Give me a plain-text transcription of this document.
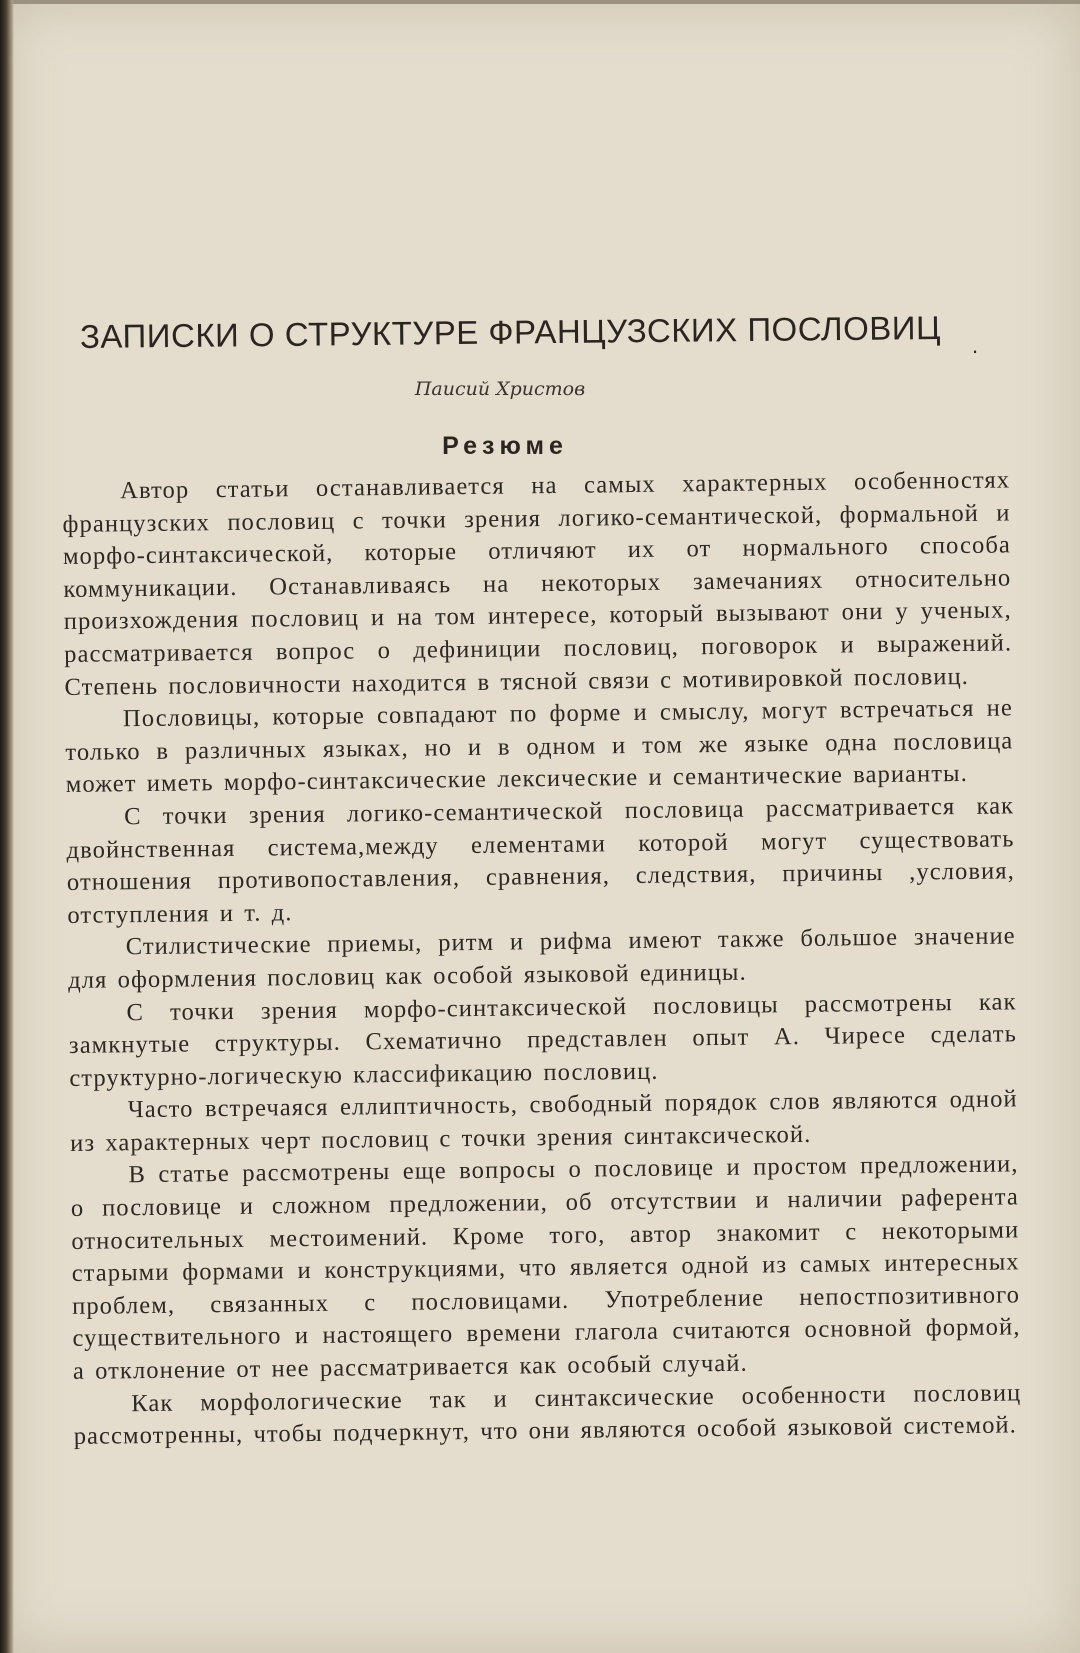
ЗАПИСКИ О СТРУКТУРЕ ФРАНЦУЗСКИХ ПОСЛОВИЦ	.

Паисий Христов

Резюме

Автор статьи останавливается на самых характерных особенностях французских пословиц с точки зрения логико-семантической, формальной и морфо-синтаксической, которые отличяют их от нормального способа коммуникации. Останавливаясь на некоторых замечаниях относительно произхождения пословиц и на том интересе, который вызывают они у ученых, рассматривается вопрос о дефиниции пословиц, поговорок и выражений. Степень пословичности находится в тясной связи с мотивировкой пословиц.

Пословицы, которые совпадают по форме и смыслу, могут встречаться не только в различных языках, но и в одном и том же языке одна пословица может иметь морфо-синтаксические лексические и семантические варианты.

С точки зрения логико-семантической пословица рассматривается как двойнственная система,между елементами которой могут существовать отношения противопоставления, сравнения, следствия, причины ,условия, отступления и т. д.

Стилистические приемы, ритм и рифма имеют также большое значение для оформления пословиц как особой языковой единицы.

С точки зрения морфо-синтаксической пословицы рассмотрены как замкнутые структуры. Схематично представлен опыт А. Чиресе сделать структурно-логическую классификацию пословиц.

Часто встречаяся еллиптичность, свободный порядок слов являются одной из характерных черт пословиц с точки зрения синтаксической.

В статье рассмотрены еще вопросы о пословице и простом предложении, о пословице и сложном предложении, об отсутствии и наличии раферента относительных местоимений. Кроме того, автор знакомит с некоторыми старыми формами и конструкциями, что является одной из самых интересных проблем, связанных с пословицами. Употребление непостпозитивного существительного и настоящего времени глагола считаются основной формой, а отклонение от нее рассматривается как особый случай.

Как морфологические так и синтаксические особенности пословиц рассмотренны, чтобы подчеркнут, что они являются особой языковой системой.
